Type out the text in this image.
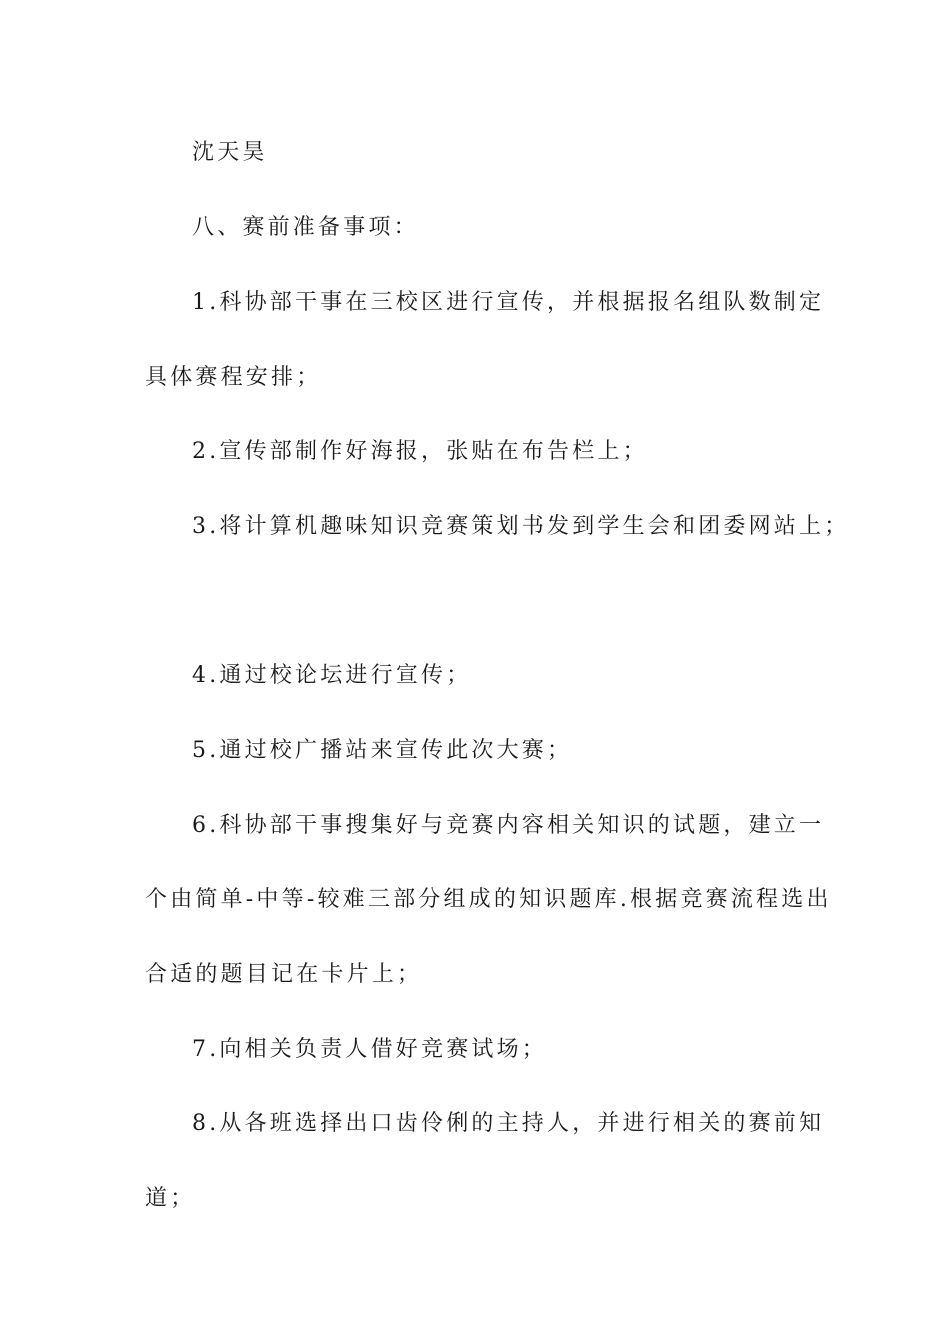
沈天昊
八、赛前准备事项：
1.科协部干事在三校区进行宣传，并根据报名组队数制定
具体赛程安排；
2.宣传部制作好海报，张贴在布告栏上；
3.将计算机趣味知识竞赛策划书发到学生会和团委网站上；
4.通过校论坛进行宣传；
5.通过校广播站来宣传此次大赛；
6.科协部干事搜集好与竞赛内容相关知识的试题，建立一
个由简单-中等-较难三部分组成的知识题库.根据竞赛流程选出
合适的题目记在卡片上；
7.向相关负责人借好竞赛试场；
8.从各班选择出口齿伶俐的主持人，并进行相关的赛前知
道；
